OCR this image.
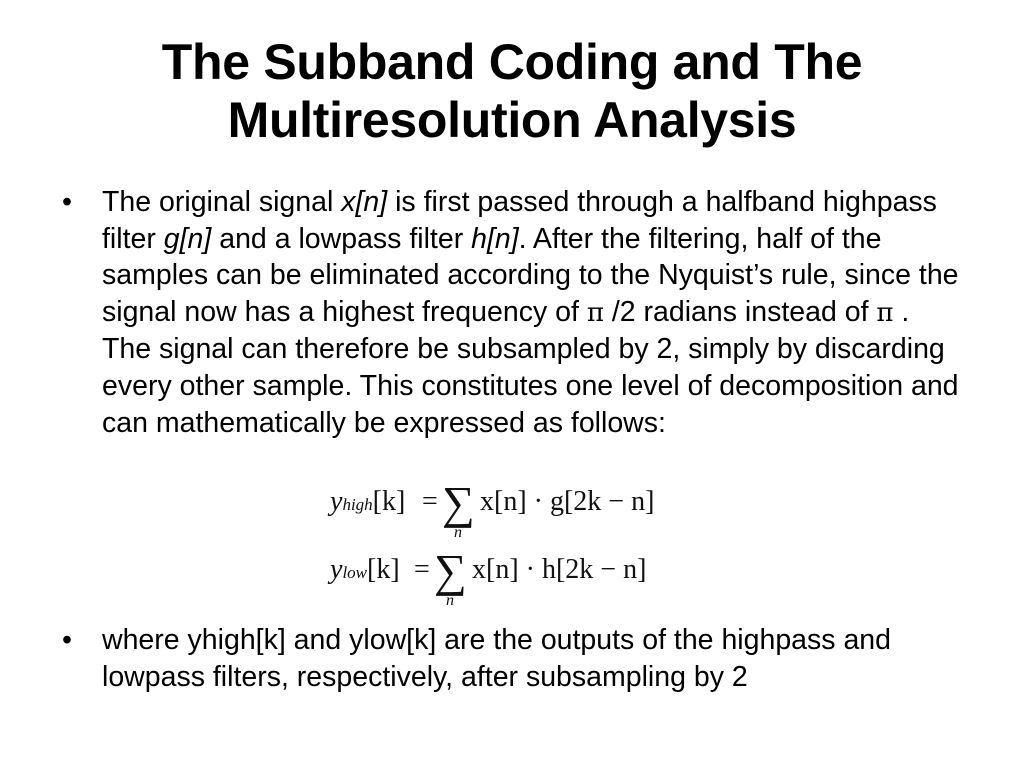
The Subband Coding and The
Multiresolution Analysis
• The original signal x[n] is first passed through a halfband highpass filter g[n] and a lowpass filter h[n]. After the filtering, half of the samples can be eliminated according to the Nyquist’s rule, since the signal now has a highest frequency of π /2 radians instead of π . The signal can therefore be subsampled by 2, simply by discarding every other sample. This constitutes one level of decomposition and can mathematically be expressed as follows:
yhigh[k] = ∑
n
x[n] · g[2k − n]
ylow[k] = ∑
n
x[n] · h[2k − n]
• where yhigh[k] and ylow[k] are the outputs of the highpass and lowpass filters, respectively, after subsampling by 2
